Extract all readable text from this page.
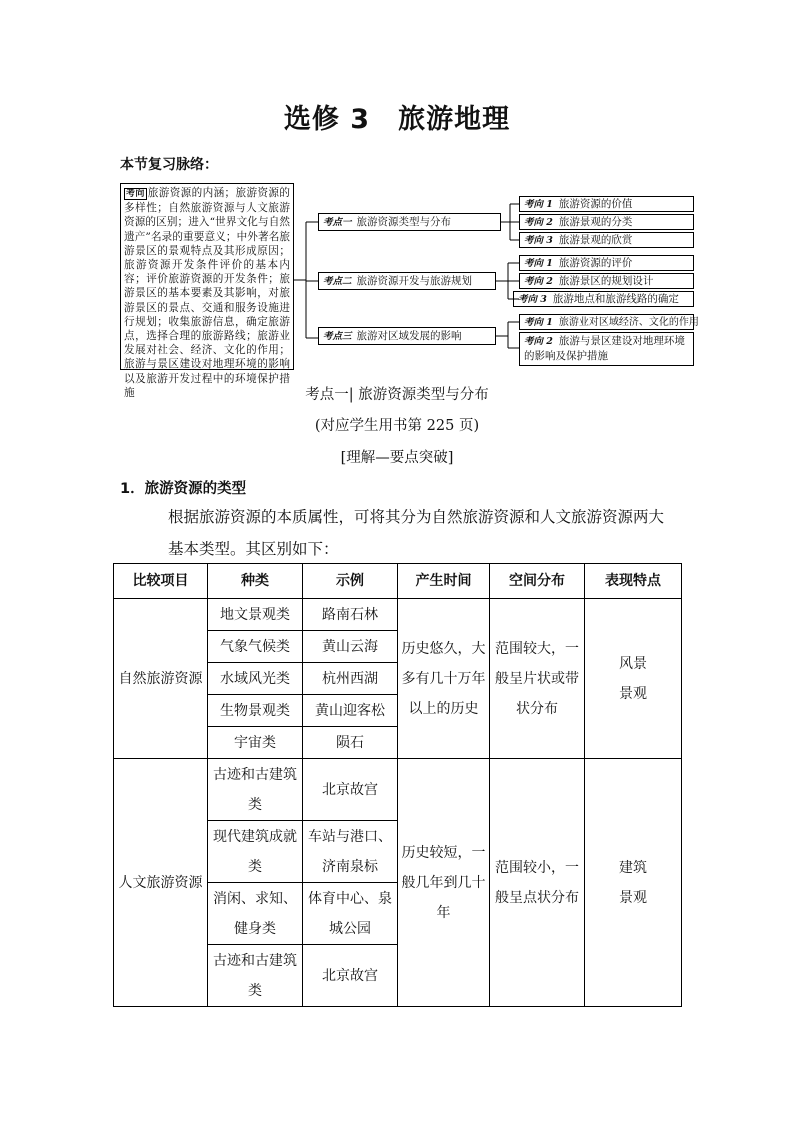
选修 3　旅游地理
本节复习脉络：
考向 旅游资源的内涵；旅游资源的多样性；自然旅游资源与人文旅游资源的区别；进入“世界文化与自然遗产”名录的重要意义；中外著名旅游景区的景观特点及其形成原因；旅游资源开发条件评价的基本内容；评价旅游资源的开发条件；旅游景区的基本要素及其影响，对旅游景区的景点、交通和服务设施进行规划；收集旅游信息，确定旅游点，选择合理的旅游路线；旅游业发展对社会、经济、文化的作用；旅游与景区建设对地理环境的影响以及旅游开发过程中的环境保护措施
考点一 旅游资源类型与分布
考点二 旅游资源开发与旅游规划
考点三 旅游对区域发展的影响
考向 1 旅游资源的价值
考向 2 旅游景观的分类
考向 3 旅游景观的欣赏
考向 1 旅游资源的评价
考向 2 旅游景区的规划设计
考向 3 旅游地点和旅游线路的确定
考向 1 旅游业对区域经济、文化的作用
考向 2 旅游与景区建设对地理环境的影响及保护措施
考点一| 旅游资源类型与分布
(对应学生用书第 225 页)
[理解—要点突破]
1．旅游资源的类型
根据旅游资源的本质属性，可将其分为自然旅游资源和人文旅游资源两大
基本类型。其区别如下：
比较项目	种类	示例	产生时间	空间分布	表现特点
自然旅游资源	地文景观类	路南石林	历史悠久，大多有几十万年以上的历史	范围较大，一般呈片状或带状分布	风景景观
	气象气候类	黄山云海			
	水域风光类	杭州西湖			
	生物景观类	黄山迎客松			
	宇宙类	陨石			
人文旅游资源	古迹和古建筑类	北京故宫	历史较短，一般几年到几十年	范围较小，一般呈点状分布	建筑景观
	现代建筑成就类	车站与港口、济南泉标			
	消闲、求知、健身类	体育中心、泉城公园			
	古迹和古建筑类	北京故宫			
